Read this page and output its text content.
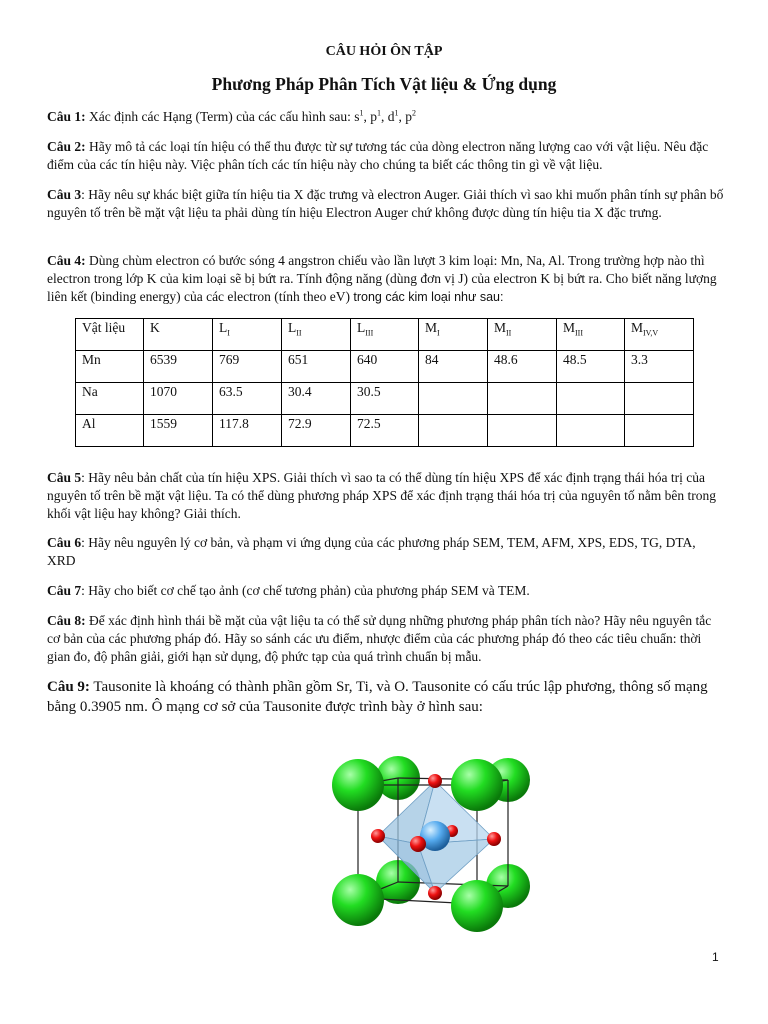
CÂU HỎI ÔN TẬP
Phương Pháp Phân Tích Vật liệu & Ứng dụng

Câu 1: Xác định các Hạng (Term) của các cấu hình sau: $s^1$, $p^1$, $d^1$, $p^2$

Câu 2: Hãy mô tả các loại tín hiệu có thể thu được từ sự tương tác của dòng electron năng lượng cao với vật liệu. Nêu đặc điểm của các tín hiệu này. Việc phân tích các tín hiệu này cho chúng ta biết các thông tin gì về vật liệu.

Câu 3: Hãy nêu sự khác biệt giữa tín hiệu tia X đặc trưng và electron Auger. Giải thích vì sao khi muốn phân tính sự phân bố nguyên tố trên bề mặt vật liệu ta phải dùng tín hiệu Electron Auger chứ không được dùng tín hiệu tia X đặc trưng.

Câu 4: Dùng chùm electron có bước sóng 4 angstron chiếu vào lần lượt 3 kim loại: Mn, Na, Al. Trong trường hợp nào thì electron trong lớp K của kim loại sẽ bị bứt ra. Tính động năng (dùng đơn vị J) của electron K bị bứt ra. Cho biết năng lượng liên kết (binding energy) của các electron (tính theo eV) trong các kim loại như sau:

Vật liệu	K	$L_I$	$L_{II}$	$L_{III}$	$M_I$	$M_{II}$	$M_{III}$	$M_{IV,V}$
Mn	6539	769	651	640	84	48.6	48.5	3.3
Na	1070	63.5	30.4	30.5				
Al	1559	117.8	72.9	72.5				

Câu 5: Hãy nêu bản chất của tín hiệu XPS. Giải thích vì sao ta có thể dùng tín hiệu XPS để xác định trạng thái hóa trị của nguyên tố trên bề mặt vật liệu. Ta có thể dùng phương pháp XPS để xác định trạng thái hóa trị của nguyên tố nằm bên trong khối vật liệu hay không? Giải thích.

Câu 6: Hãy nêu nguyên lý cơ bản, và phạm vi ứng dụng của các phương pháp SEM, TEM, AFM, XPS, EDS, TG, DTA, XRD

Câu 7: Hãy cho biết cơ chế tạo ảnh (cơ chế tương phản) của phương pháp SEM và TEM.

Câu 8: Để xác định hình thái bề mặt của vật liệu ta có thể sử dụng những phương pháp phân tích nào? Hãy nêu nguyên tắc cơ bản của các phương pháp đó. Hãy so sánh các ưu điểm, nhược điểm của các phương pháp đó theo các tiêu chuẩn: thời gian đo, độ phân giải, giới hạn sử dụng, độ phức tạp của quá trình chuẩn bị mẫu.

Câu 9: Tausonite là khoáng có thành phần gồm Sr, Ti, và O. Tausonite có cấu trúc lập phương, thông số mạng bằng 0.3905 nm. Ô mạng cơ sở của Tausonite được trình bày ở hình sau:

1
